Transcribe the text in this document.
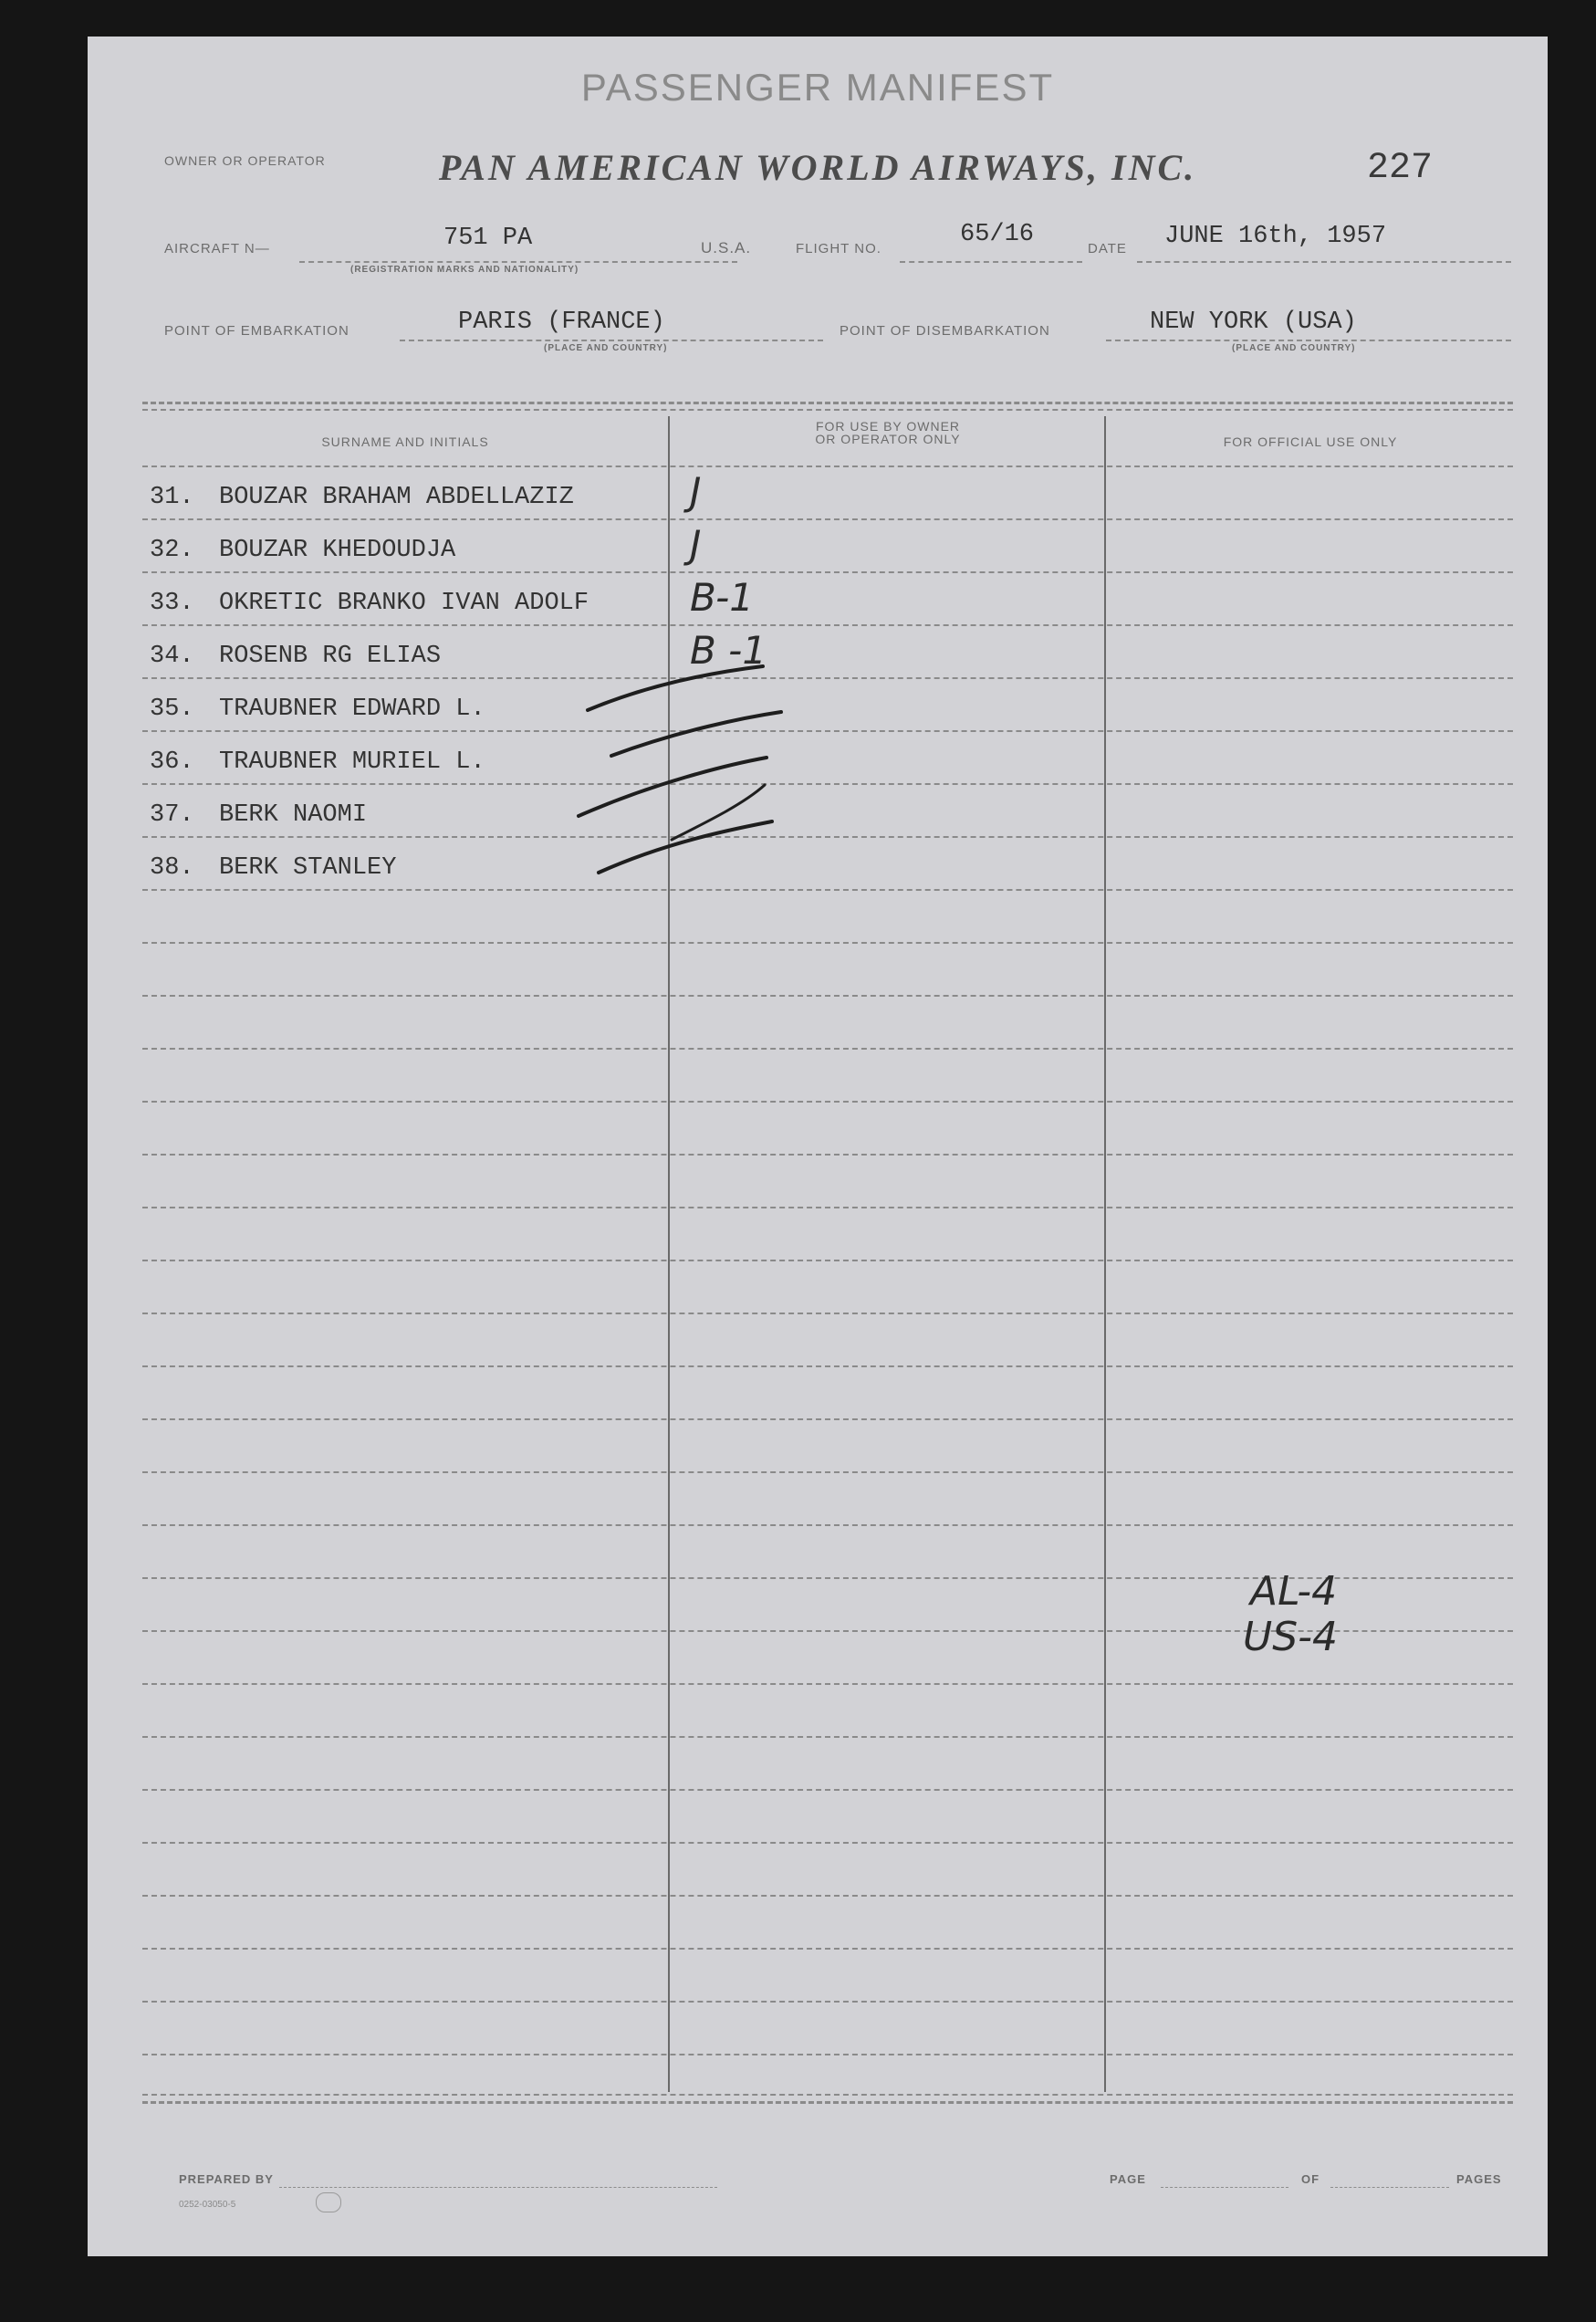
PASSENGER MANIFEST
OWNER OR OPERATOR	PAN AMERICAN WORLD AIRWAYS, INC.	227
AIRCRAFT N—	751 PA
(REGISTRATION MARKS AND NATIONALITY)
U.S.A.	FLIGHT NO.
65/16
DATE JUNE 16th, 1957
POINT OF EMBARKATION	PARIS (FRANCE)
(PLACE AND COUNTRY)
POINT OF DISEMBARKATION	NEW YORK (USA)
(PLACE AND COUNTRY)
SURNAME AND INITIALS
FOR USE BY OWNER
OR OPERATOR ONLY	FOR OFFICIAL USE ONLY
31. BOUZAR BRAHAM ABDELLAZIZ	J
32. BOUZAR KHEDOUDJA	J
33. OKRETIC BRANKO IVAN ADOLF	B-1
34. ROSENB RG ELIAS	B -1
35. TRAUBNER EDWARD L.
36. TRAUBNER MURIEL L.
37. BERK NAOMI
38. BERK STANLEY
AL-4
US-4
PREPARED BY
0252-03050-5
PAGE	OF	PAGES
